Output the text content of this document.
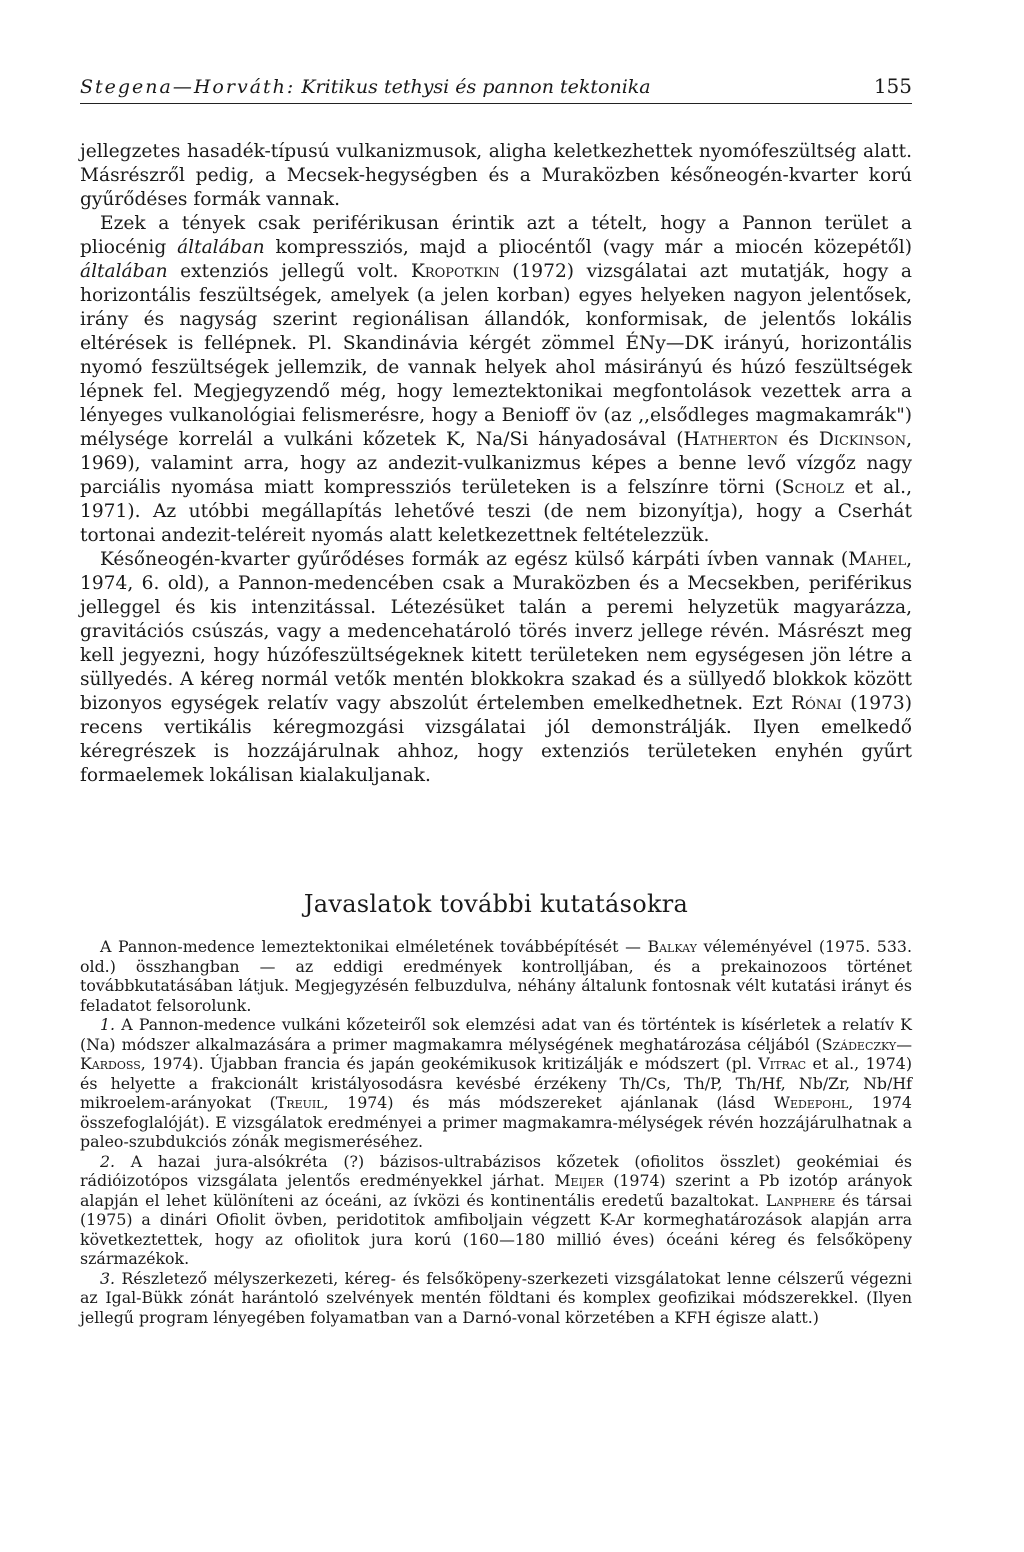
Stegena—Horváth: Kritikus tethysi és pannon tektonika	155

jellegzetes hasadék-típusú vulkanizmusok, aligha keletkezhettek nyomófeszültség alatt. Másrészről pedig, a Mecsek-hegységben és a Muraközben későneogén-kvarter korú gyűrődéses formák vannak.

Ezek a tények csak periférikusan érintik azt a tételt, hogy a Pannon terület a pliocénig általában kompressziós, majd a pliocéntől (vagy már a miocén közepétől) általában extenziós jellegű volt. Kropotkin (1972) vizsgálatai azt mutatják, hogy a horizontális feszültségek, amelyek (a jelen korban) egyes helyeken nagyon jelentősek, irány és nagyság szerint regionálisan állandók, konformisak, de jelentős lokális eltérések is fellépnek. Pl. Skandinávia kérgét zömmel ÉNy—DK irányú, horizontális nyomó feszültségek jellemzik, de vannak helyek ahol másirányú és húzó feszültségek lépnek fel. Megjegyzendő még, hogy lemeztektonikai megfontolások vezettek arra a lényeges vulkanológiai felismerésre, hogy a Benioff öv (az ,,elsődleges magmakamrák") mélysége korrelál a vulkáni kőzetek K, Na/Si hányadosával (Hatherton és Dickinson, 1969), valamint arra, hogy az andezit-vulkanizmus képes a benne levő vízgőz nagy parciális nyomása miatt kompressziós területeken is a felszínre törni (Scholz et al., 1971). Az utóbbi megállapítás lehetővé teszi (de nem bizonyítja), hogy a Cserhát tortonai andezit-teléreit nyomás alatt keletkezettnek feltételezzük.

Későneogén-kvarter gyűrődéses formák az egész külső kárpáti ívben vannak (Mahel, 1974, 6. old), a Pannon-medencében csak a Muraközben és a Mecsekben, periférikus jelleggel és kis intenzitással. Létezésüket talán a peremi helyzetük magyarázza, gravitációs csúszás, vagy a medencehatároló törés inverz jellege révén. Másrészt meg kell jegyezni, hogy húzófeszültségeknek kitett területeken nem egységesen jön létre a süllyedés. A kéreg normál vetők mentén blokkokra szakad és a süllyedő blokkok között bizonyos egységek relatív vagy abszolút értelemben emelkedhetnek. Ezt Rónai (1973) recens vertikális kéregmozgási vizsgálatai jól demonstrálják. Ilyen emelkedő kéregrészek is hozzájárulnak ahhoz, hogy extenziós területeken enyhén gyűrt formaelemek lokálisan kialakuljanak.

Javaslatok további kutatásokra

A Pannon-medence lemeztektonikai elméletének továbbépítését — Balkay véleményével (1975. 533. old.) összhangban — az eddigi eredmények kontrolljában, és a prekainozoos történet továbbkutatásában látjuk. Megjegyzésén felbuzdulva, néhány általunk fontosnak vélt kutatási irányt és feladatot felsorolunk.

1. A Pannon-medence vulkáni kőzeteiről sok elemzési adat van és történtek is kísérletek a relatív K (Na) módszer alkalmazására a primer magmakamra mélységének meghatározása céljából (Szádeczky—Kardoss, 1974). Újabban francia és japán geokémikusok kritizálják e módszert (pl. Vitrac et al., 1974) és helyette a frakcionált kristályosodásra kevésbé érzékeny Th/Cs, Th/P, Th/Hf, Nb/Zr, Nb/Hf mikroelem-arányokat (Treuil, 1974) és más módszereket ajánlanak (lásd Wedepohl, 1974 összefoglalóját). E vizsgálatok eredményei a primer magmakamra-mélységek révén hozzájárulhatnak a paleo-szubdukciós zónák megismeréséhez.

2. A hazai jura-alsókréta (?) bázisos-ultrabázisos kőzetek (ofiolitos összlet) geokémiai és rádióizotópos vizsgálata jelentős eredményekkel járhat. Meijer (1974) szerint a Pb izotóp arányok alapján el lehet különíteni az óceáni, az ívközi és kontinentális eredetű bazaltokat. Lanphere és társai (1975) a dinári Ofiolit övben, peridotitok amfiboljain végzett K-Ar kormeghatározások alapján arra következtettek, hogy az ofiolitok jura korú (160—180 millió éves) óceáni kéreg és felsőköpeny származékok.

3. Részletező mélyszerkezeti, kéreg- és felsőköpeny-szerkezeti vizsgálatokat lenne célszerű végezni az Igal-Bükk zónát harántoló szelvények mentén földtani és komplex geofizikai módszerekkel. (Ilyen jellegű program lényegében folyamatban van a Darnó-vonal körzetében a KFH égisze alatt.)
